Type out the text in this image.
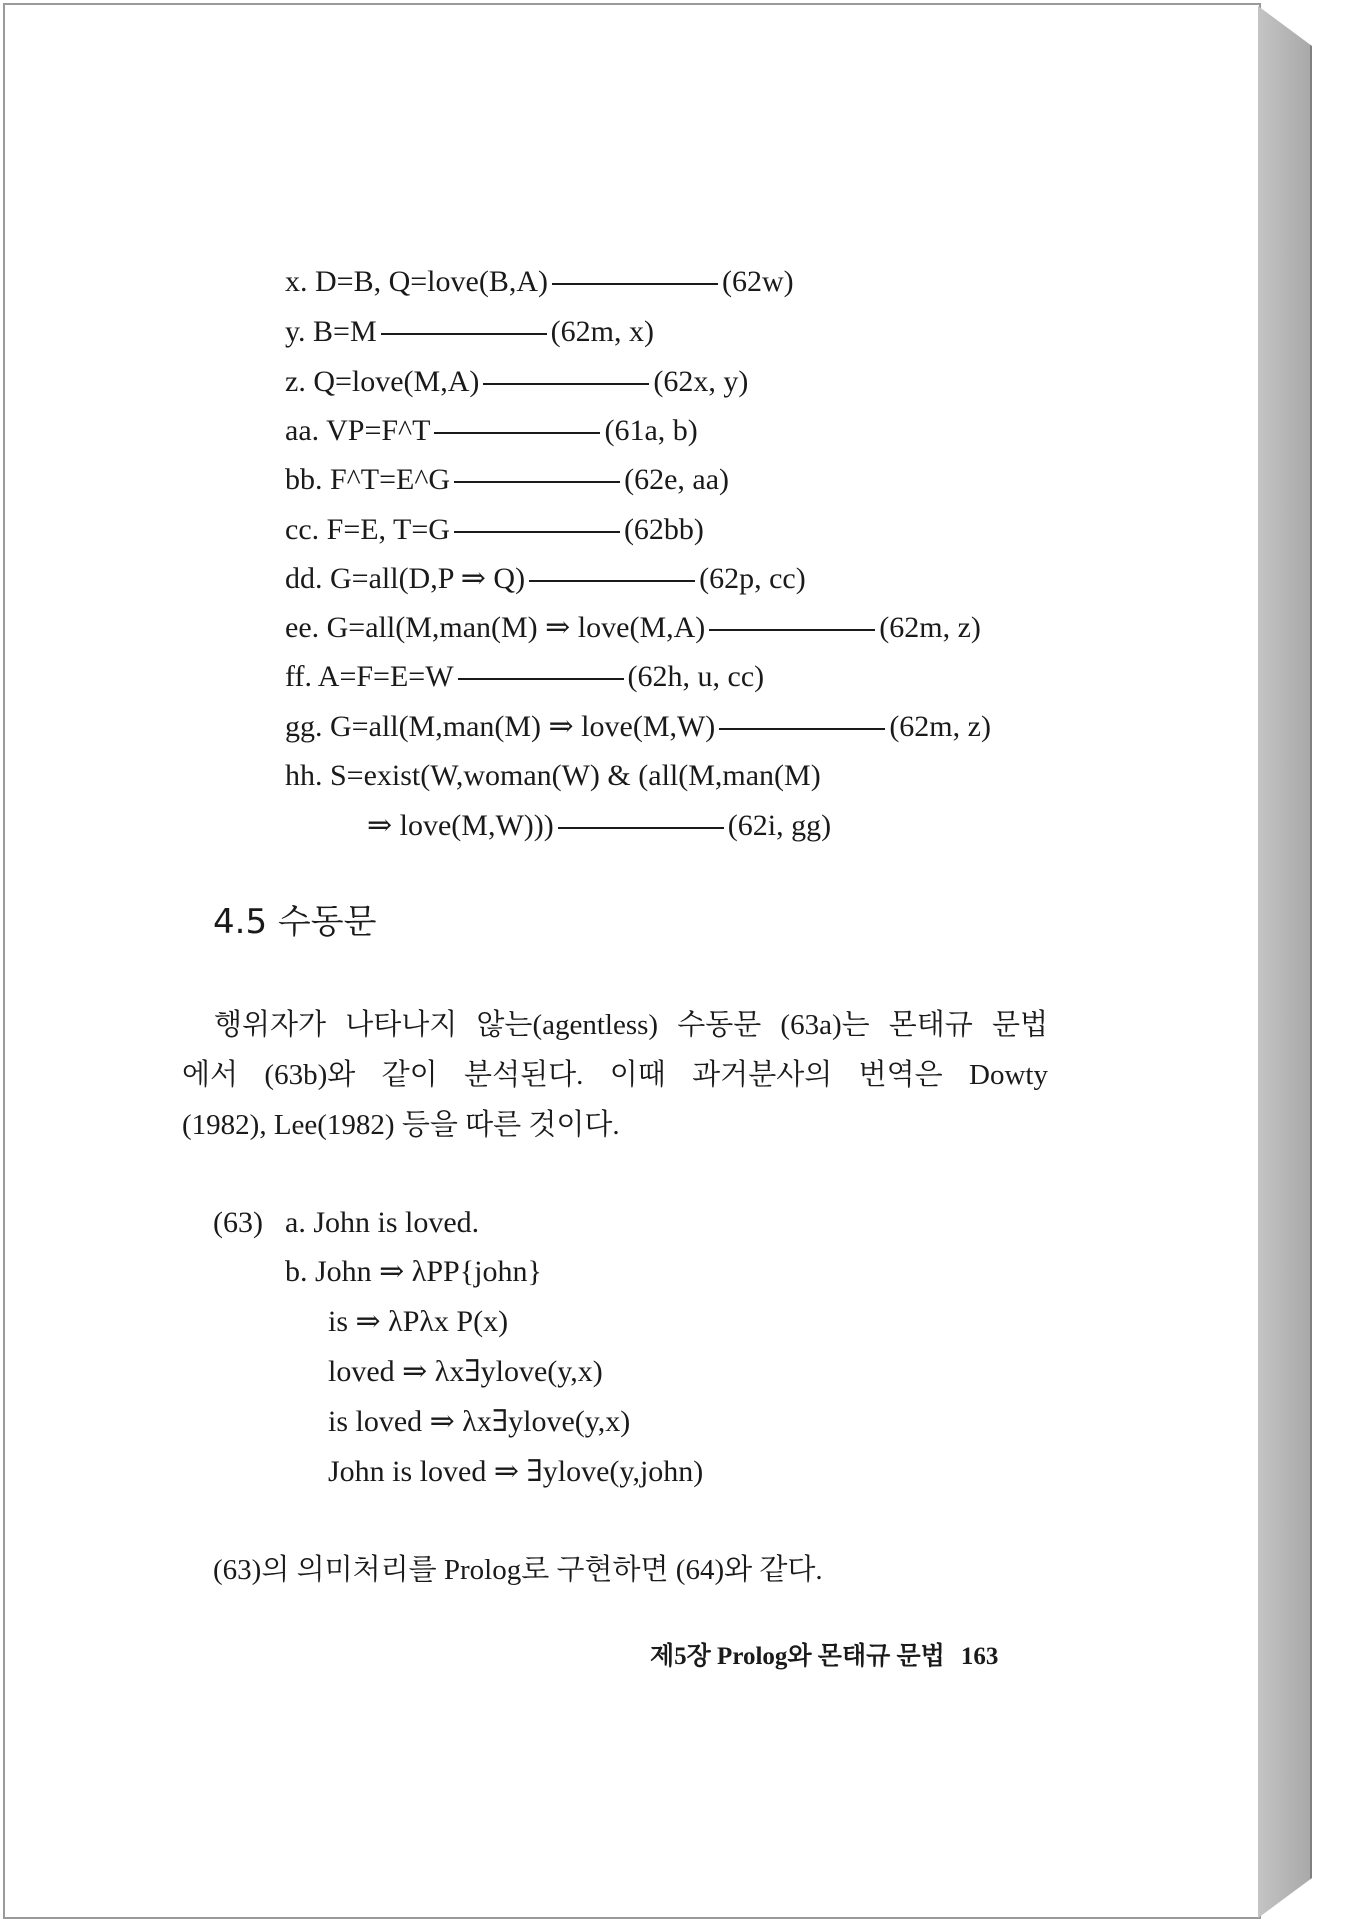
x. D=B, Q=love(B,A)	(62w)
y. B=M	(62m, x)
z. Q=love(M,A)	(62x, y)
aa. VP=F^T	(61a, b)
bb. F^T=E^G	(62e, aa)
cc. F=E, T=G	(62bb)
dd. G=all(D,P ⇒ Q)	(62p, cc)
ee. G=all(M,man(M) ⇒ love(M,A)	(62m, z)
ff. A=F=E=W	(62h, u, cc)
gg. G=all(M,man(M) ⇒ love(M,W)	(62m, z)
hh. S=exist(W,woman(W) & (all(M,man(M)
⇒ love(M,W)))	(62i, gg)
4.5 수동문
행위자가 나타나지 않는(agentless) 수동문 (63a)는 몬태규 문법
에서 (63b)와 같이 분석된다. 이때 과거분사의 번역은 Dowty
(1982), Lee(1982) 등을 따른 것이다.
(63) a. John is loved.
b. John ⇒ λPP{john}
is ⇒ λPλx P(x)
loved ⇒ λx∃ylove(y,x)
is loved ⇒ λx∃ylove(y,x)
John is loved ⇒ ∃ylove(y,john)
(63)의 의미처리를 Prolog로 구현하면 (64)와 같다.
제5장 Prolog와 몬태규 문법 163
